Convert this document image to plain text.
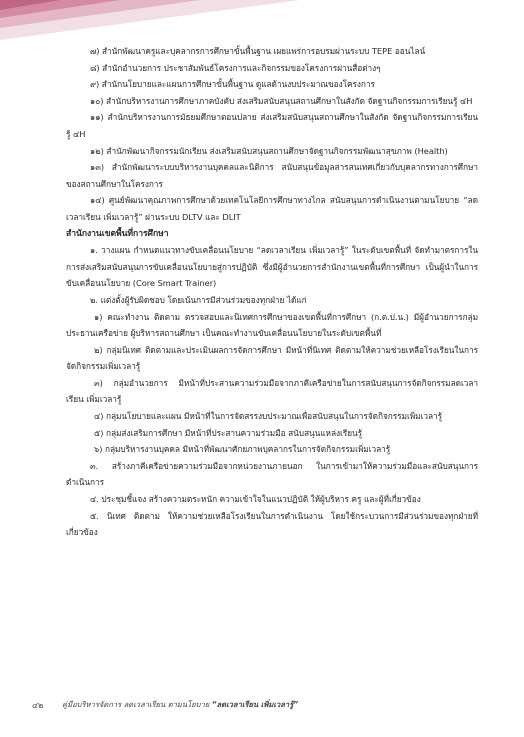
๗) สำนักพัฒนาครูและบุคลากรการศึกษาขั้นพื้นฐาน เผยแพร่การอบรมผ่านระบบ TEPE ออนไลน์

๘) สำนักอำนวยการ ประชาสัมพันธ์โครงการและกิจกรรมของโครงการผ่านสื่อต่างๆ

๙) สำนักนโยบายและแผนการศึกษาขั้นพื้นฐาน ดูแลด้านงบประมาณของโครงการ

๑๐) สำนักบริหารงานการศึกษาภาคบังคับ ส่งเสริมสนับสนุนสถานศึกษาในสังกัด จัดฐานกิจกรรมการเรียนรู้ ๔H

๑๑) สำนักบริหารงานการมัธยมศึกษาตอนปลาย ส่งเสริมสนับสนุนสถานศึกษาในสังกัด จัดฐานกิจกรรมการเรียนรู้ ๔H

๑๒) สำนักพัฒนากิจกรรมนักเรียน ส่งเสริมสนับสนุนสถานศึกษาจัดฐานกิจกรรมพัฒนาสุขภาพ (Health)

๑๓) สำนักพัฒนาระบบบริหารงานบุคคลและนิติการ สนับสนุนข้อมูลสารสนเทศเกี่ยวกับบุคลากรทางการศึกษาของสถานศึกษาในโครงการ

๑๔) ศูนย์พัฒนาคุณภาพการศึกษาด้วยเทคโนโลยีการศึกษาทางไกล สนับสนุนการดำเนินงานตามนโยบาย “ลดเวลาเรียน เพิ่มเวลารู้” ผ่านระบบ DLTV และ DLIT

สำนักงานเขตพื้นที่การศึกษา

๑. วางแผน กำหนดแนวทางขับเคลื่อนนโยบาย “ลดเวลาเรียน เพิ่มเวลารู้” ในระดับเขตพื้นที่ จัดทำมาตรการในการส่งเสริมสนับสนุนการขับเคลื่อนนโยบายสู่การปฏิบัติ ซึ่งมีผู้อำนวยการสำนักงานเขตพื้นที่การศึกษา เป็นผู้นำในการขับเคลื่อนนโยบาย (Core Smart Trainer)

๒. แต่งตั้งผู้รับผิดชอบ โดยเน้นการมีส่วนร่วมของทุกฝ่าย ได้แก่

๑) คณะทำงาน ติดตาม ตรวจสอบและนิเทศการศึกษาของเขตพื้นที่การศึกษา (ก.ต.ป.น.) มีผู้อำนวยการกลุ่ม ประธานเครือข่าย ผู้บริหารสถานศึกษา เป็นคณะทำงานขับเคลื่อนนโยบายในระดับเขตพื้นที่

๒) กลุ่มนิเทศ ติดตามและประเมินผลการจัดการศึกษา มีหน้าที่นิเทศ ติดตามให้ความช่วยเหลือโรงเรียนในการจัดกิจกรรมเพิ่มเวลารู้

๓) กลุ่มอำนวยการ มีหน้าที่ประสานความร่วมมือจากภาคีเครือข่ายในการสนับสนุนการจัดกิจกรรมลดเวลาเรียน เพิ่มเวลารู้

๔) กลุ่มนโยบายและแผน มีหน้าที่ในการจัดสรรงบประมาณเพื่อสนับสนุนในการจัดกิจกรรมเพิ่มเวลารู้

๕) กลุ่มส่งเสริมการศึกษา มีหน้าที่ประสานความร่วมมือ สนับสนุนแหล่งเรียนรู้

๖) กลุ่มบริหารงานบุคคล มีหน้าที่พัฒนาศักยภาพบุคลากรในการจัดกิจกรรมเพิ่มเวลารู้

๓. สร้างภาคีเครือข่ายความร่วมมือจากหน่วยงานภายนอก ในการเข้ามาให้ความร่วมมือและสนับสนุนการดำเนินการ

๔. ประชุมชี้แจง สร้างความตระหนัก ความเข้าใจในแนวปฏิบัติ ให้ผู้บริหาร ครู และผู้ที่เกี่ยวข้อง

๕. นิเทศ ติดตาม ให้ความช่วยเหลือโรงเรียนในการดำเนินงาน โดยใช้กระบวนการมีส่วนร่วมของทุกฝ่ายที่เกี่ยวข้อง

๔๒ คู่มือบริหารจัดการ ลดเวลาเรียน ตามนโยบาย “ลดเวลาเรียน เพิ่มเวลารู้”
